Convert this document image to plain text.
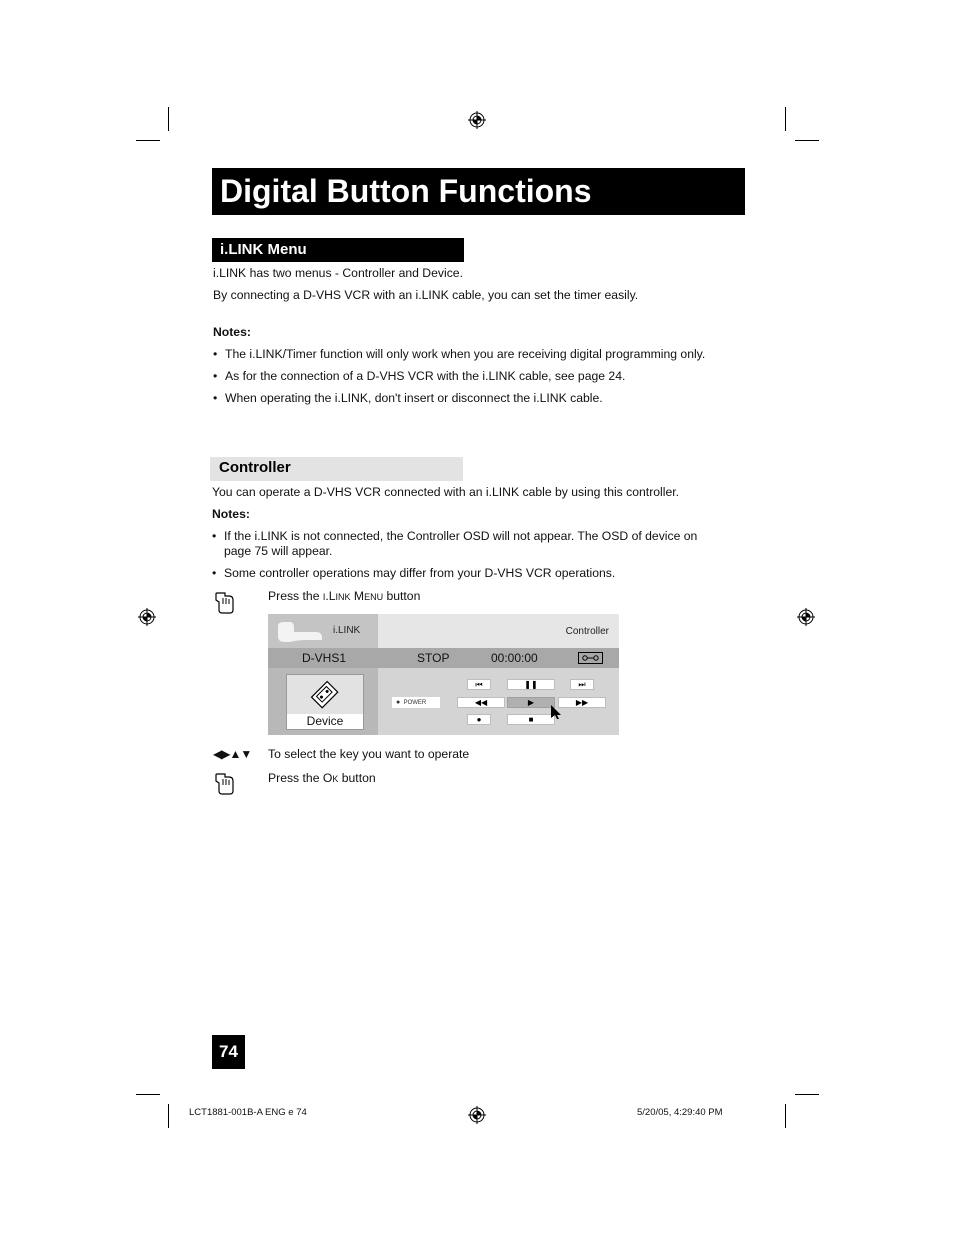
Digital Button Functions
i.LINK Menu
i.LINK has two menus - Controller and Device.
By connecting a D-VHS VCR with an i.LINK cable, you can set the timer easily.
Notes:
• The i.LINK/Timer function will only work when you are receiving digital programming only.
• As for the connection of a D-VHS VCR with the i.LINK cable, see page 24.
• When operating the i.LINK, don't insert or disconnect the i.LINK cable.
Controller
You can operate a D-VHS VCR connected with an i.LINK cable by using this controller.
Notes:
• If the i.LINK is not connected, the Controller OSD will not appear. The OSD of device on
page 75 will appear.
• Some controller operations may differ from your D-VHS VCR operations.
Press the i.Link Menu button
i.LINK	Controller
D-VHS1	STOP	00:00:00
Device
● POWER
⏮	❚❚	⏭
◀◀	▶	▶▶
●	■
◀▶▲▼ To select the key you want to operate
Press the Ok button
74
LCT1881-001B-A ENG e 74	5/20/05, 4:29:40 PM
